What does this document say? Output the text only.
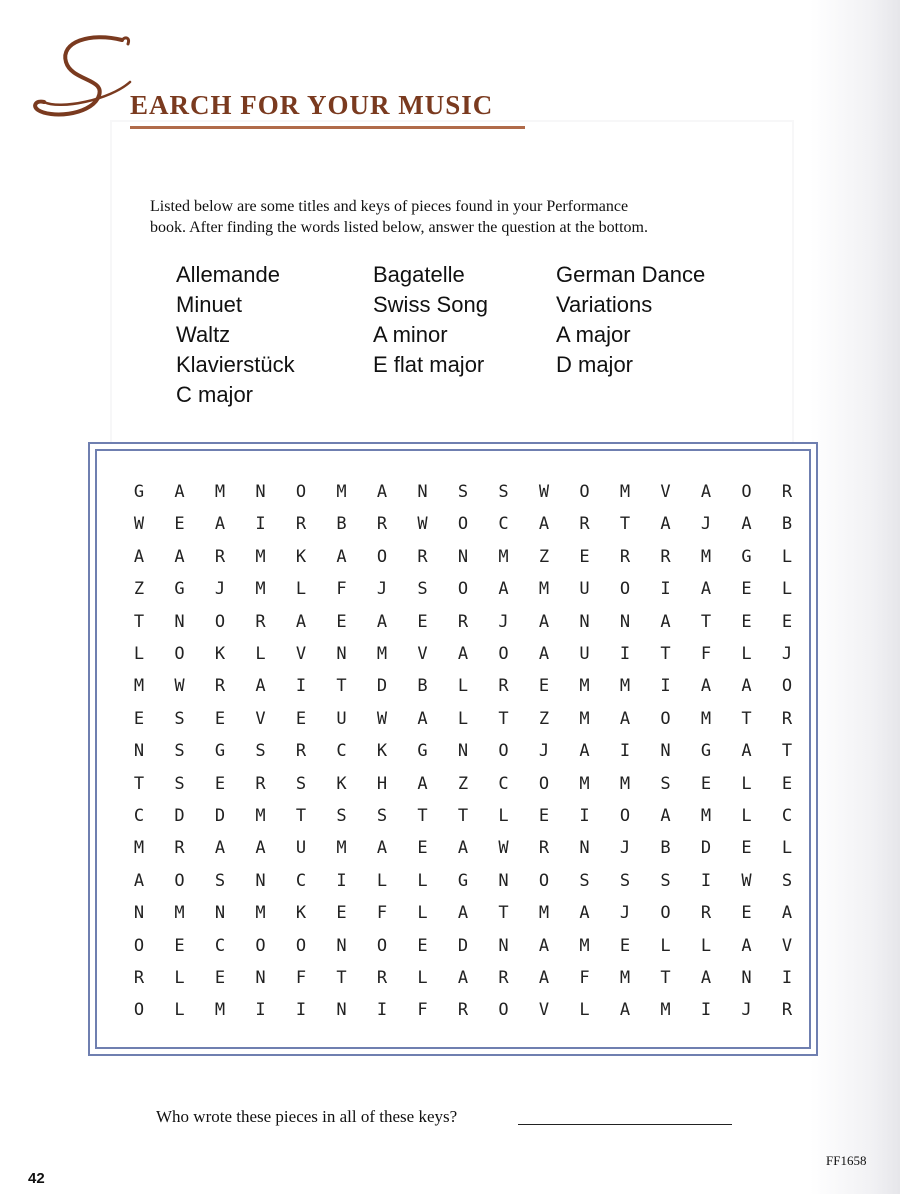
EARCH FOR YOUR MUSIC

Listed below are some titles and keys of pieces found in your Performance

book. After finding the words listed below, answer the question at the bottom.

Allemande
Minuet
Waltz
Klavierstück
C major
Bagatelle
Swiss Song
A minor
E flat major
German Dance
Variations
A major
D major
G	A	M	N	O	M	A	N	S	S	W	O	M	V	A	O	R
W	E	A	I	R	B	R	W	O	C	A	R	T	A	J	A	B
A	A	R	M	K	A	O	R	N	M	Z	E	R	R	M	G	L
Z	G	J	M	L	F	J	S	O	A	M	U	O	I	A	E	L
T	N	O	R	A	E	A	E	R	J	A	N	N	A	T	E	E
L	O	K	L	V	N	M	V	A	O	A	U	I	T	F	L	J
M	W	R	A	I	T	D	B	L	R	E	M	M	I	A	A	O
E	S	E	V	E	U	W	A	L	T	Z	M	A	O	M	T	R
N	S	G	S	R	C	K	G	N	O	J	A	I	N	G	A	T
T	S	E	R	S	K	H	A	Z	C	O	M	M	S	E	L	E
C	D	D	M	T	S	S	T	T	L	E	I	O	A	M	L	C
M	R	A	A	U	M	A	E	A	W	R	N	J	B	D	E	L
A	O	S	N	C	I	L	L	G	N	O	S	S	S	I	W	S
N	M	N	M	K	E	F	L	A	T	M	A	J	O	R	E	A
O	E	C	O	O	N	O	E	D	N	A	M	E	L	L	A	V
R	L	E	N	F	T	R	L	A	R	A	F	M	T	A	N	I
O	L	M	I	I	N	I	F	R	O	V	L	A	M	I	J	R
Who wrote these pieces in all of these keys?
42
FF1658
